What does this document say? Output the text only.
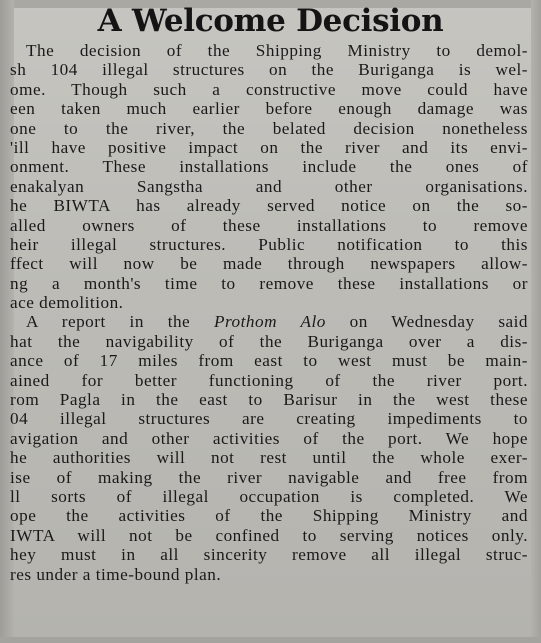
A Welcome Decision
The decision of the Shipping Ministry to demol-
sh 104 illegal structures on the Buriganga is wel-
ome. Though such a constructive move could have
een taken much earlier before enough damage was
one to the river, the belated decision nonetheless
'ill have positive impact on the river and its envi-
onment. These installations include the ones of
enakalyan Sangstha and other organisations.
he BIWTA has already served notice on the so-
alled owners of these installations to remove
heir illegal structures. Public notification to this
ffect will now be made through newspapers allow-
ng a month's time to remove these installations or
ace demolition.
A report in the Prothom Alo on Wednesday said
hat the navigability of the Buriganga over a dis-
ance of 17 miles from east to west must be main-
ained for better functioning of the river port.
rom Pagla in the east to Barisur in the west these
04 illegal structures are creating impediments to
avigation and other activities of the port. We hope
he authorities will not rest until the whole exer-
ise of making the river navigable and free from
ll sorts of illegal occupation is completed. We
ope the activities of the Shipping Ministry and
IWTA will not be confined to serving notices only.
hey must in all sincerity remove all illegal struc-
res under a time-bound plan.
